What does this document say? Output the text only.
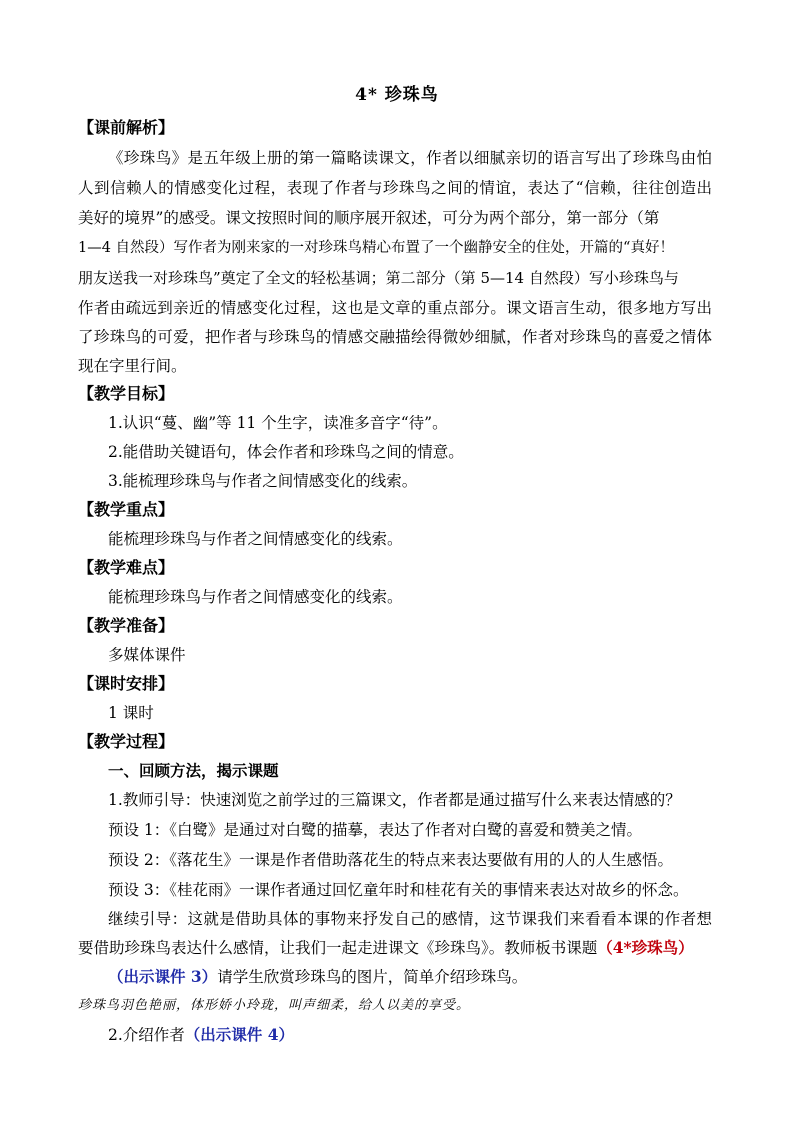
4* 珍珠鸟
【课前解析】
《珍珠鸟》是五年级上册的第一篇略读课文，作者以细腻亲切的语言写出了珍珠鸟由怕
人到信赖人的情感变化过程，表现了作者与珍珠鸟之间的情谊，表达了“信赖，往往创造出
美好的境界”的感受。课文按照时间的顺序展开叙述，可分为两个部分，第一部分（第
1—4 自然段）写作者为刚来家的一对珍珠鸟精心布置了一个幽静安全的住处，开篇的“真好！
朋友送我一对珍珠鸟”奠定了全文的轻松基调；第二部分（第 5—14 自然段）写小珍珠鸟与
作者由疏远到亲近的情感变化过程，这也是文章的重点部分。课文语言生动，很多地方写出
了珍珠鸟的可爱，把作者与珍珠鸟的情感交融描绘得微妙细腻，作者对珍珠鸟的喜爱之情体
现在字里行间。
【教学目标】
1.认识“蔓、幽”等 11 个生字，读准多音字“待”。
2.能借助关键语句，体会作者和珍珠鸟之间的情意。
3.能梳理珍珠鸟与作者之间情感变化的线索。
【教学重点】
能梳理珍珠鸟与作者之间情感变化的线索。
【教学难点】
能梳理珍珠鸟与作者之间情感变化的线索。
【教学准备】
多媒体课件
【课时安排】
1 课时
【教学过程】
一、回顾方法，揭示课题
1.教师引导：快速浏览之前学过的三篇课文，作者都是通过描写什么来表达情感的？
预设 1：《白鹭》是通过对白鹭的描摹，表达了作者对白鹭的喜爱和赞美之情。
预设 2：《落花生》一课是作者借助落花生的特点来表达要做有用的人的人生感悟。
预设 3：《桂花雨》一课作者通过回忆童年时和桂花有关的事情来表达对故乡的怀念。
继续引导：这就是借助具体的事物来抒发自己的感情，这节课我们来看看本课的作者想
要借助珍珠鸟表达什么感情，让我们一起走进课文《珍珠鸟》。教师板书课题（4*珍珠鸟）
（出示课件 3）请学生欣赏珍珠鸟的图片，简单介绍珍珠鸟。
珍珠鸟羽色艳丽，体形娇小玲珑，叫声细柔，给人以美的享受。
2.介绍作者（出示课件 4）
